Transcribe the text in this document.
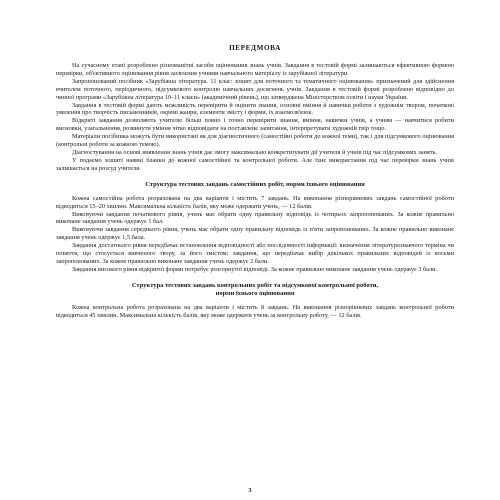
ПЕРЕДМОВА

На сучасному етапі розроблено різноманітні засоби оцінювання знань учнів. Завдання в тестовій формі залишаються ефективною формою перевірки, об'єктивного оцінювання рівня засвоєння учнями навчального матеріалу із зарубіжної літератури.

Запропонований посібник «Зарубіжна література. 11 клас: зошит для поточного та тематичного оцінювання» призначений для здійснення вчителем поточного, періодичного, підсумкового контролю навчальних досягнень учнів. Завдання в тестовій формі розроблено відповідно до чинної програми «Зарубіжна література 10–11 класи» (академічний рівень), що затверджена Міністерством освіти і науки України.

Завдання в тестовій формі дають можливість перевірити й оцінити знання, основні вміння й навички роботи з художнім твором, початкові уявлення про творчість письменників, окремі жанри, елементи змісту і форми, їх взаємозв'язок.

Відкриті завдання дозволяють учителю більш повно і точно перевірити знання, вміння, навички учнів, а учням — навчитися робити висновки, узагальнення, розвинути уміння чітко відповідати на поставлене запитання, інтерпретувати художній твір тощо.

Матеріали посібника можуть бути використані як для діагностичного (самостійні роботи до кожної теми), так і для підсумкового оцінювання (контрольні роботи за кожною темою).

Діагностування на основі виявлення знань учнів дає змогу максимально конкретизувати дії учителя й учнів під час підсумкових занять.

У подаємо зошиті наявні бланки до кожної самостійної та контрольної роботи. Але їхнє використання під час перевірки знань учнів залишається на розсуд учителя.

Структура тестових завдань самостійних робіт, норми їхнього оцінювання

Кожна самостійна робота розрахована на два варіанти і містить 7 завдань. На виконання різнорівневих завдань самостійної роботи відводиться 15–20 хвилин. Максимальна кількість балів, яку може одержати учень, — 12 балів.

Виконуючи завдання початкового рівня, учень має обрати одну правильну відповідь із чотирьох запропонованих. За кожне правильно виконане завдання учень одержує 1 бал.

Виконуючи завдання середнього рівня, учень має обрати одну правильну відповідь із п'яти запропонованих. За кожне правильно виконане завдання учень одержує 1,5 бала.

Завдання достатнього рівня передбачає встановлення відповідності або послідовності інформації: визначення літературознавчого терміна чи поняття, що стосується вивченого твору, за його змістом; завдання, що передбачає вибір декількох правильних відповідей із восьми запропонованих. За кожне правильно виконане завдання учень одержує 2 бали.

Завдання високого рівня відкритої форми потребує розгорнутої відповіді. За кожне правильно виконане завдання учень одержує 3 бали.

Структура тестових завдань контрольних робіт та підсумкової контрольної роботи,
норми їхнього оцінювання

Кожна контрольна робота розрахована на два варіанти і містить 8 завдань. На виконання різнорівневих завдань контрольної роботи відводиться 45 хвилин. Максимальна кількість балів, яку може одержати учень за контрольну роботу, — 12 балів.

3
